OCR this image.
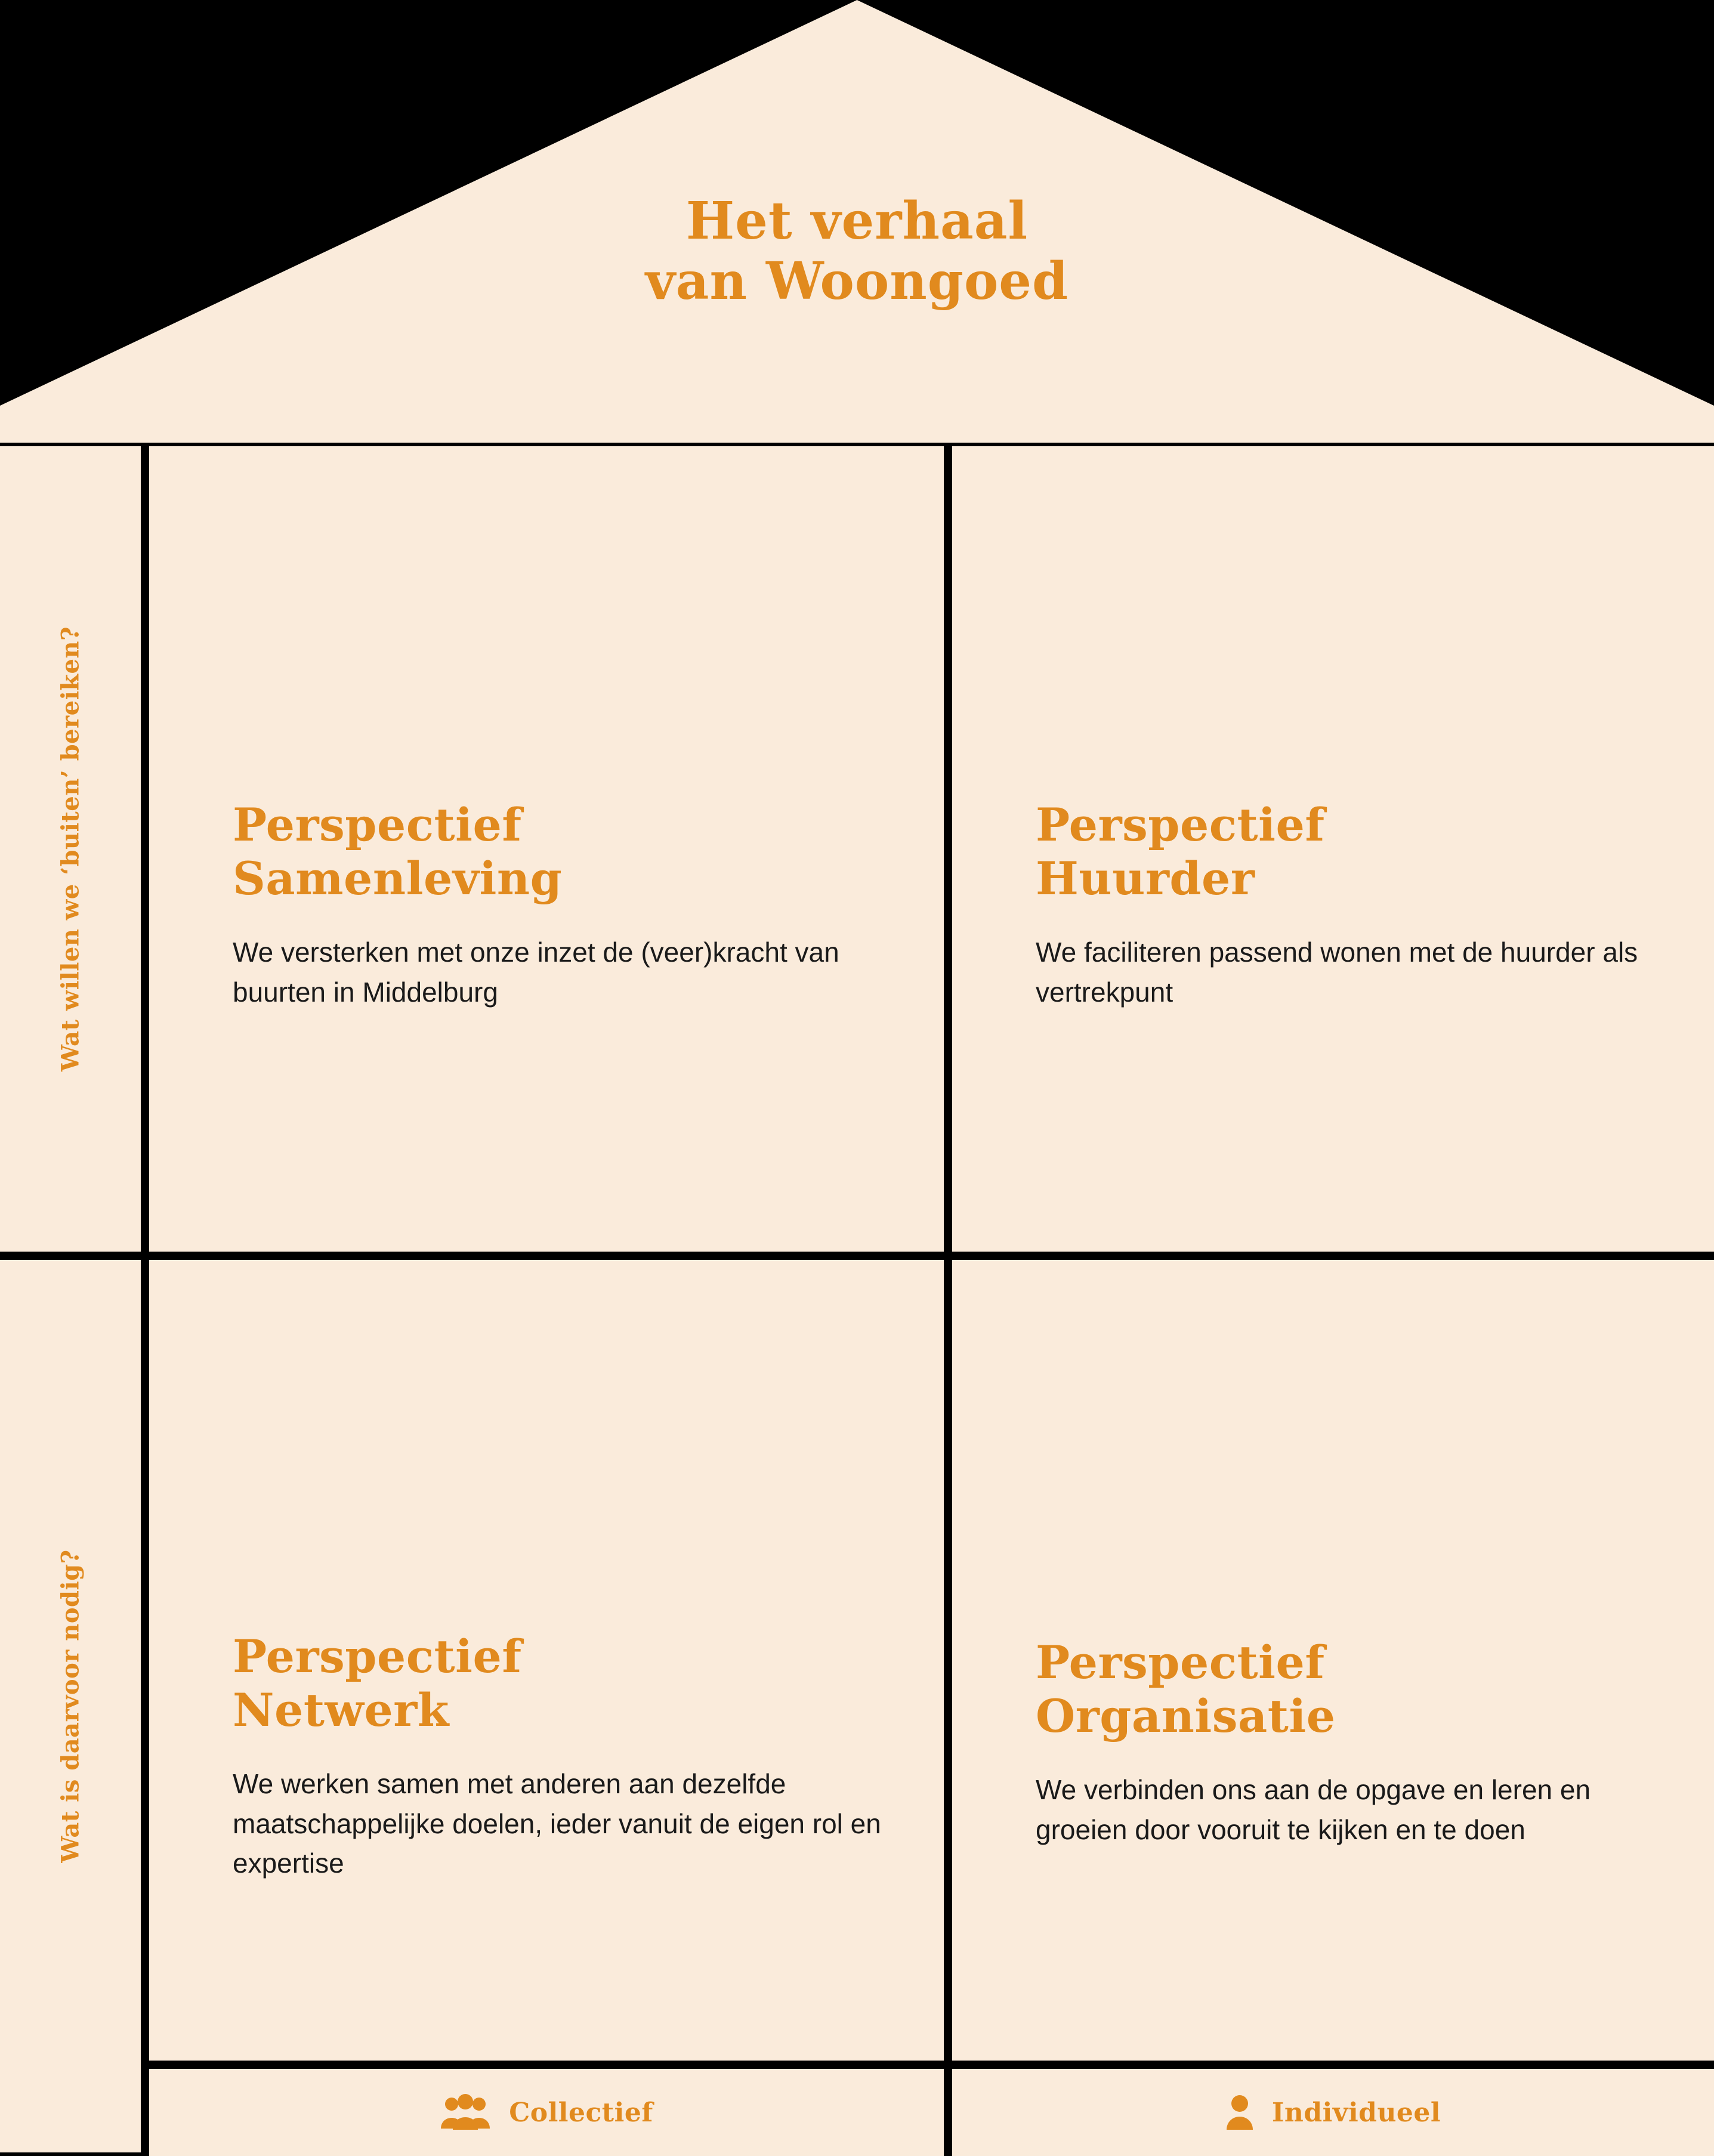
Het verhaal
van Woongoed
Wat willen we ‘buiten’ bereiken?
Wat is daarvoor nodig?
Perspectief
Samenleving

We versterken met onze inzet de (veer)kracht van buurten in Middelburg

Perspectief
Huurder

We faciliteren passend wonen met de huurder als vertrekpunt

Perspectief
Netwerk

We werken samen met anderen aan dezelfde maatschappelijke doelen, ieder vanuit de eigen rol en expertise

Perspectief
Organisatie

We verbinden ons aan de opgave en leren en groeien door vooruit te kijken en te doen

Collectief	Individueel
